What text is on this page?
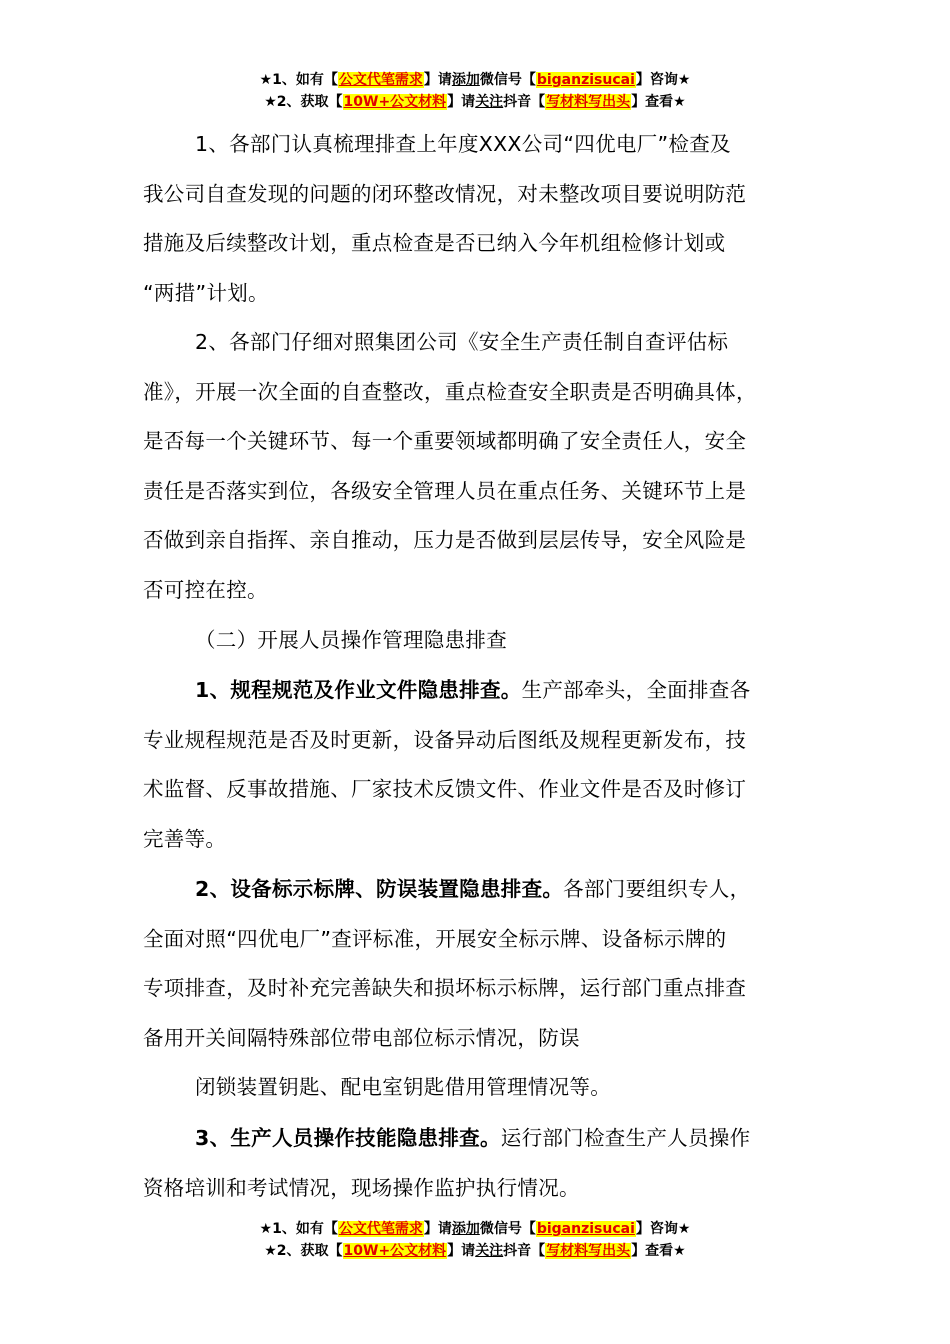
★1、如有【公文代笔需求】请添加微信号【biganzisucai】咨询★
★2、获取【10W+公文材料】请关注抖音【写材料写出头】查看★
1、各部门认真梳理排查上年度XXX公司“四优电厂”检查及
我公司自查发现的问题的闭环整改情况，对未整改项目要说明防范
措施及后续整改计划，重点检查是否已纳入今年机组检修计划或
“两措”计划。
2、各部门仔细对照集团公司《安全生产责任制自查评估标
准》，开展一次全面的自查整改，重点检查安全职责是否明确具体，
是否每一个关键环节、每一个重要领域都明确了安全责任人，安全
责任是否落实到位，各级安全管理人员在重点任务、关键环节上是
否做到亲自指挥、亲自推动，压力是否做到层层传导，安全风险是
否可控在控。
（二）开展人员操作管理隐患排查
1、规程规范及作业文件隐患排查。生产部牵头，全面排查各
专业规程规范是否及时更新，设备异动后图纸及规程更新发布，技
术监督、反事故措施、厂家技术反馈文件、作业文件是否及时修订
完善等。
2、设备标示标牌、防误装置隐患排查。各部门要组织专人，
全面对照“四优电厂”查评标准，开展安全标示牌、设备标示牌的
专项排查，及时补充完善缺失和损坏标示标牌，运行部门重点排查
备用开关间隔特殊部位带电部位标示情况，防误
闭锁装置钥匙、配电室钥匙借用管理情况等。
3、生产人员操作技能隐患排查。运行部门检查生产人员操作
资格培训和考试情况，现场操作监护执行情况。
★1、如有【公文代笔需求】请添加微信号【biganzisucai】咨询★
★2、获取【10W+公文材料】请关注抖音【写材料写出头】查看★
